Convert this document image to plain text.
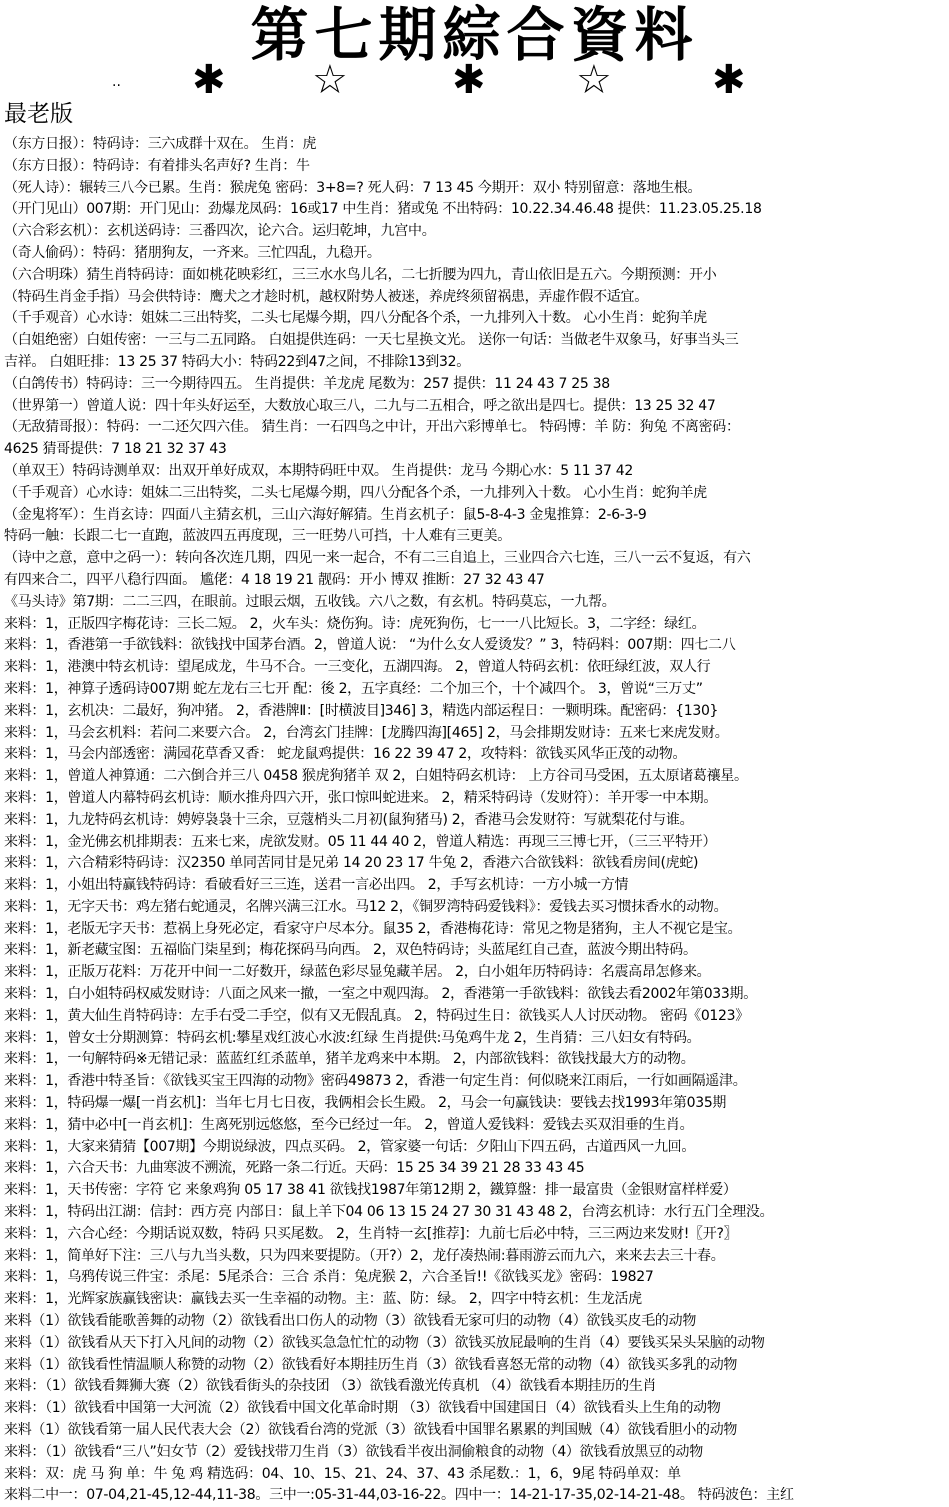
第七期綜合資料
·· ✱ ☆	✱ ☆	✱
最老版
（东方日报）：特码诗：三六成群十双在。 生肖：虎
（东方日报）：特码诗：有着排头名声好? 生肖：牛
（死人诗）：辗转三八今已累。生肖：猴虎兔 密码：3+8=? 死人码：7 13 45 今期开：双小 特别留意：落地生根。
（开门见山）007期：开门见山：劲爆龙凤码：16或17 中生肖：猪或兔 不出特码：10.22.34.46.48 提供：11.23.05.25.18
（六合彩玄机）：玄机送码诗：三番四次，论六合。运归乾坤，九宫中。
（奇人偷码）：特码：猪朋狗友，一齐来。三忙四乱，九稳开。
（六合明珠）猜生肖特码诗：面如桃花映彩红，三三水水鸟儿名，二七折腰为四九，青山依旧是五六。今期预测：开小
（特码生肖金手指）马会供特诗：鹰犬之才趁时机，越权附势人被迷，养虎终须留祸患，弄虚作假不适宜。
（千手观音）心水诗：姐妹二三出特奖，二头七尾爆今期，四八分配各个杀，一九排列入十数。 心小生肖：蛇狗羊虎
（白姐绝密）白姐传密：一三与二五同路。 白姐提供连码：一天七星换文光。 送你一句话：当做老牛双象马，好事当头三
吉祥。 白姐旺排：13 25 37 特码大小：特码22到47之间，不排除13到32。
（白鸽传书）特码诗：三一今期待四五。 生肖提供：羊龙虎 尾数为：257 提供：11 24 43 7 25 38
（世界第一）曾道人说：四十年头好运至，大数放心取三八，二九与二五相合，呼之欲出是四七。提供：13 25 32 47
（无敌猜哥报）：特码：一二还欠四六佳。 猜生肖：一石四鸟之中计，开出六彩博单七。 特码博：羊 防：狗兔 不离密码：
4625 猜哥提供：7 18 21 32 37 43
（单双王）特码诗测单双：出双开单好成双，本期特码旺中双。 生肖提供：龙马 今期心水：5 11 37 42
（千手观音）心水诗：姐妹二三出特奖，二头七尾爆今期，四八分配各个杀，一九排列入十数。 心小生肖：蛇狗羊虎
（金鬼将军）：生肖玄诗：四面八主猜玄机，三山六海好解猜。生肖玄机子：鼠5-8-4-3 金鬼推算：2-6-3-9
特码一触：长跟二七一直跑，蓝波四五再度现，三一旺势八可挡，十人难有三更美。
（诗中之意，意中之码一）：转向各次连几期，四见一来一起合，不有二三自追上，三业四合六七连，三八一云不复返，有六
有四来合二，四平八稳行四面。 尴佬：4 18 19 21 靓码：开小 博双 推断：27 32 43 47
《马头诗》第7期：二二三四，在眼前。过眼云烟，五收钱。六八之数，有玄机。特码莫忘，一九帮。
来料：1，正版四字梅花诗：三长二短。 2，火车头：烧伤狗。诗：虎死狗伤，七一一八比短长。3，二字经：绿红。
来料：1，香港第一手欲钱料：欲钱找中国茅台酒。2，曾道人说： “为什么女人爱烫发？” 3，特码料：007期：四七二八
来料：1，港澳中特玄机诗：望尾成龙，牛马不合。一三变化，五湖四海。 2，曾道人特码玄机：依旺绿红波，双人行
来料：1，神算子透码诗007期 蛇左龙右三七开 配：後 2，五字真经：二个加三个，十个减四个。 3，曾说“三万丈”
来料：1，玄机决：二最好，狗冲猪。 2，香港牌Ⅱ：[时横波目]346] 3，精选内部运程日：一颗明珠。配密码：{130}
来料：1，马会玄机料：若问二来要六合。 2，台湾玄门挂牌：[龙腾四海][465] 2，马会排期发财诗：五来七来虎发财。
来料：1，马会内部透密：满园花草香又香： 蛇龙鼠鸡提供：16 22 39 47 2，攻特料：欲钱买风华正茂的动物。
来料：1，曾道人神算通：二六倒合并三八 0458 猴虎狗猪羊 双 2，白姐特码玄机诗： 上方谷司马受困，五太原诸葛禳星。
来料：1，曾道人内幕特码玄机诗：顺水推舟四六开，张口惊叫蛇进来。 2，精采特码诗（发财符）：羊开零一中本期。
来料：1，九龙特码玄机诗：娉婷袅袅十三余，豆蔻梢头二月初(鼠狗猪马) 2，香港马会发财符：写就梨花付与谁。
来料：1，金光佛玄机排期表：五来七来，虎欲发财。05 11 44 40 2，曾道人精选：再现三三博七开，（三三平特开）
来料：1，六合精彩特码诗：汉2350 单同苦同甘是兄弟 14 20 23 17 牛兔 2，香港六合欲钱料：欲钱看房间(虎蛇)
来料：1，小姐出特赢钱特码诗：看破看好三三连，送君一言必出四。 2，手写玄机诗：一方小城一方情
来料：1，无字天书：鸡左猪右蛇通灵，名牌兴满三江水。马12 2，《铜罗湾特码爱钱料》：爱钱去买习惯抹香水的动物。
来料：1，老版无字天书：惹祸上身死必定，看家守户尽本分。鼠35 2，香港梅花诗：常见之物是猪狗，主人不视它是宝。
来料：1，新老藏宝图：五福临门柒星到；梅花探码马向西。 2，双色特码诗；头蓝尾红自己查，蓝波今期出特码。
来料：1，正版万花料：万花开中间一二好数开，绿蓝色彩尽显兔藏羊居。 2，白小姐年历特码诗：名震高昂怎修来。
来料：1，白小姐特码权威发财诗：八面之风来一撤，一室之中观四海。 2，香港第一手欲钱料：欲钱去看2002年第033期。
来料：1，黄大仙生肖特码诗：左手右受二手空，似有又无假乱真。 2，特码过生日：欲钱买人人讨厌动物。 密码《0123》
来料：1，曾女士分期测算：特码玄机:攀星戏红波心水波:红绿 生肖提供:马兔鸡牛龙 2，生肖猜：三八妇女有特码。
来料：1，一句解特码※无错记录：蓝蓝红红杀蓝单，猪羊龙鸡来中本期。 2，内部欲钱料：欲钱找最大方的动物。
来料：1，香港中特圣旨：《欲钱买宝王四海的动物》密码49873 2，香港一句定生肖：何似晓来江雨后，一行如画隔遥津。
来料：1，特码爆一爆[一肖玄机]：当年七月七日夜，我俩相会长生殿。 2，马会一句赢钱诀：要钱去找1993年第035期
来料：1，猜中必中[一肖玄机]：生离死别远悠悠，至今已经过一年。 2，曾道人爱钱料：爱钱去买双泪垂的生肖。
来料：1，大家来猜猜【007期】今期说绿波，四点买码。 2，管家婆一句话：夕阳山下四五码，古道西风一九回。
来料：1，六合天书：九曲寒波不溯流，死路一条二行近。天码：15 25 34 39 21 28 33 43 45
来料：1，天书传密：字符 它 来象鸡狗 05 17 38 41 欲钱找1987年第12期 2，鐵算盤：排一最富贵（金银财富样样爱）
来料：1，特码出江湖：信封：西方亮 内部日：鼠上羊下04 06 13 15 24 27 30 31 43 48 2，台湾玄机诗：水行五门全理没。
来料：1，六合心经：今期话说双数，特码 只买尾数。 2，生肖特一玄[推荐]：九前七后必中特，三三两边来发财!〖开?〗
来料：1，简单好下注：三八与九当头数，只为四来要提防。（开?）2，龙仔凑热闹:暮雨游云而九六，来来去去三十春。
来料：1，乌鸦传说三件宝：杀尾：5尾杀合：三合 杀肖：兔虎猴 2，六合圣旨!!《欲钱买龙》密码：19827
来料：1，光辉家族赢钱密诀：赢钱去买一生幸福的动物。主：蓝、防：绿。 2，四字中特玄机：生龙活虎
来料（1）欲钱看能歌善舞的动物（2）欲钱看出口伤人的动物（3）欲钱看无家可归的动物（4）欲钱买皮毛的动物
来料（1）欲钱看从天下打入凡间的动物（2）欲钱买急急忙忙的动物（3）欲钱买放屁最响的生肖（4）要钱买呆头呆脑的动物
来料（1）欲钱看性情温顺人称赞的动物（2）欲钱看好本期挂历生肖（3）欲钱看喜怒无常的动物（4）欲钱买多乳的动物
来料：（1）欲钱看舞狮大赛（2）欲钱看街头的杂技团 （3）欲钱看激光传真机 （4）欲钱看本期挂历的生肖
来料：（1）欲钱看中国第一大河流（2）欲钱看中国文化革命时期 （3）欲钱看中国建国日（4）欲钱看头上生角的动物
来料（1）欲钱看第一届人民代表大会（2）欲钱看台湾的党派（3）欲钱看中国罪名累累的判国贼（4）欲钱看胆小的动物
来料：（1）欲钱看“三八”妇女节（2）爱钱找带刀生肖（3）欲钱看半夜出洞偷粮食的动物（4）欲钱看放黑豆的动物
来料：双：虎 马 狗 单：牛 兔 鸡 精选码：04、10、15、21、24、37、43 杀尾数.：1，6，9尾 特码单双：单
来料二中一：07-04,21-45,12-44,11-38。三中一:05-31-44,03-16-22。四中一：14-21-17-35,02-14-21-48。 特码波色：主红
